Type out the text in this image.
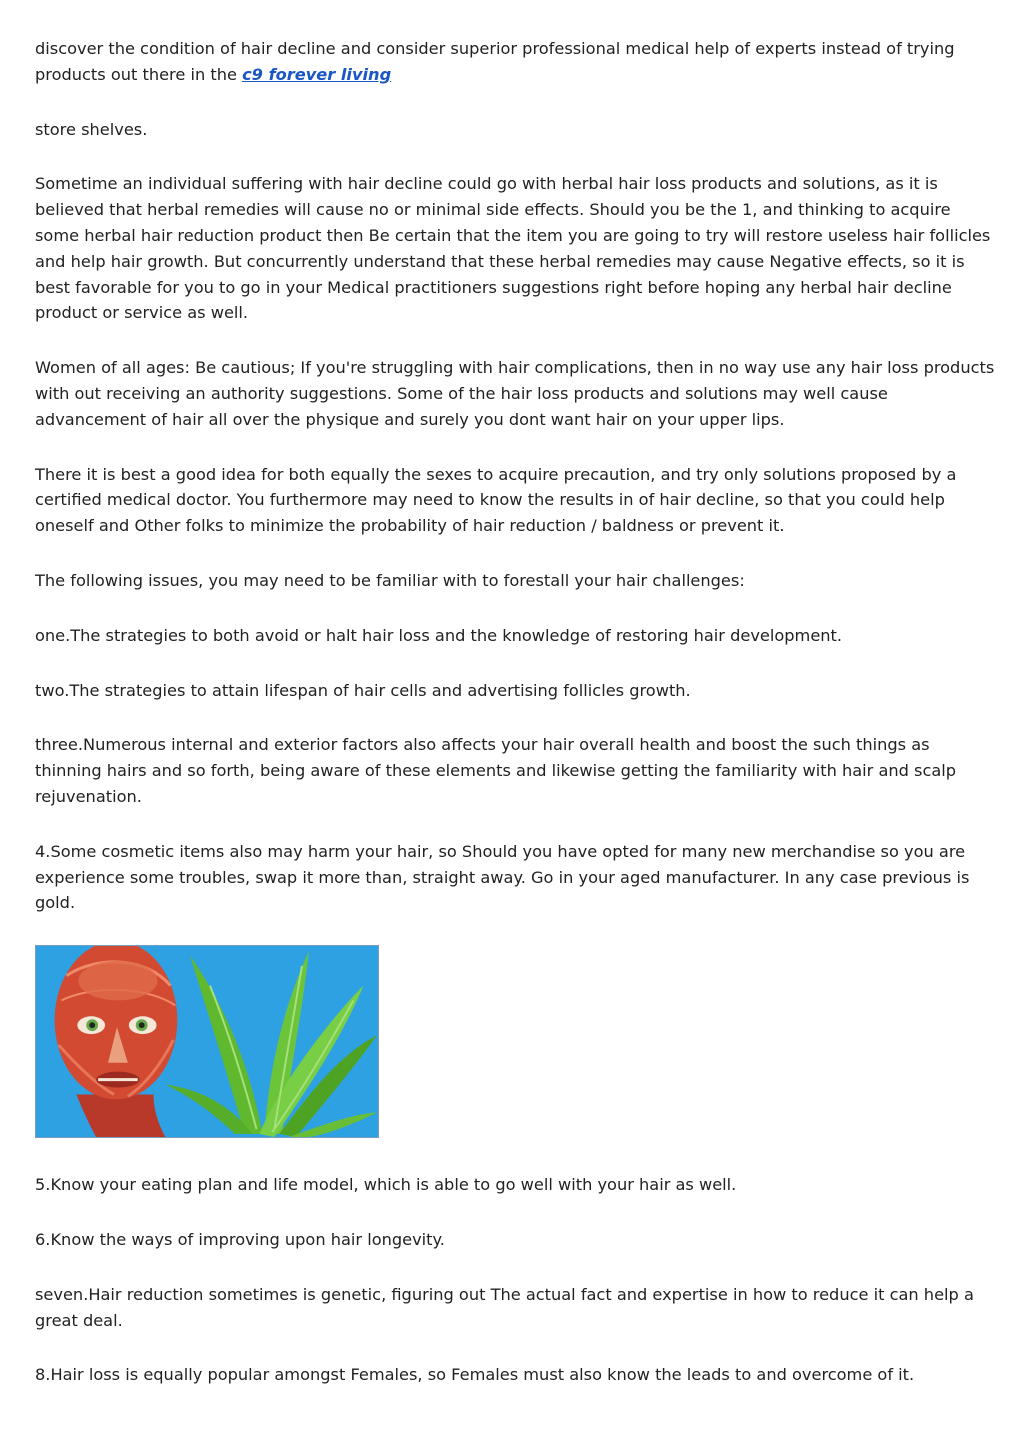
discover the condition of hair decline and consider superior professional medical help of experts instead of trying products out there in the c9 forever living

store shelves.

Sometime an individual suffering with hair decline could go with herbal hair loss products and solutions, as it is believed that herbal remedies will cause no or minimal side effects. Should you be the 1, and thinking to acquire some herbal hair reduction product then Be certain that the item you are going to try will restore useless hair follicles and help hair growth. But concurrently understand that these herbal remedies may cause Negative effects, so it is best favorable for you to go in your Medical practitioners suggestions right before hoping any herbal hair decline product or service as well.

Women of all ages: Be cautious; If you're struggling with hair complications, then in no way use any hair loss products with out receiving an authority suggestions. Some of the hair loss products and solutions may well cause advancement of hair all over the physique and surely you dont want hair on your upper lips.

There it is best a good idea for both equally the sexes to acquire precaution, and try only solutions proposed by a certified medical doctor. You furthermore may need to know the results in of hair decline, so that you could help oneself and Other folks to minimize the probability of hair reduction / baldness or prevent it.

The following issues, you may need to be familiar with to forestall your hair challenges:

one.The strategies to both avoid or halt hair loss and the knowledge of restoring hair development.

two.The strategies to attain lifespan of hair cells and advertising follicles growth.

three.Numerous internal and exterior factors also affects your hair overall health and boost the such things as thinning hairs and so forth, being aware of these elements and likewise getting the familiarity with hair and scalp rejuvenation.

4.Some cosmetic items also may harm your hair, so Should you have opted for many new merchandise so you are experience some troubles, swap it more than, straight away. Go in your aged manufacturer. In any case previous is gold.

5.Know your eating plan and life model, which is able to go well with your hair as well.

6.Know the ways of improving upon hair longevity.

seven.Hair reduction sometimes is genetic, figuring out The actual fact and expertise in how to reduce it can help a great deal.

8.Hair loss is equally popular amongst Females, so Females must also know the leads to and overcome of it.
